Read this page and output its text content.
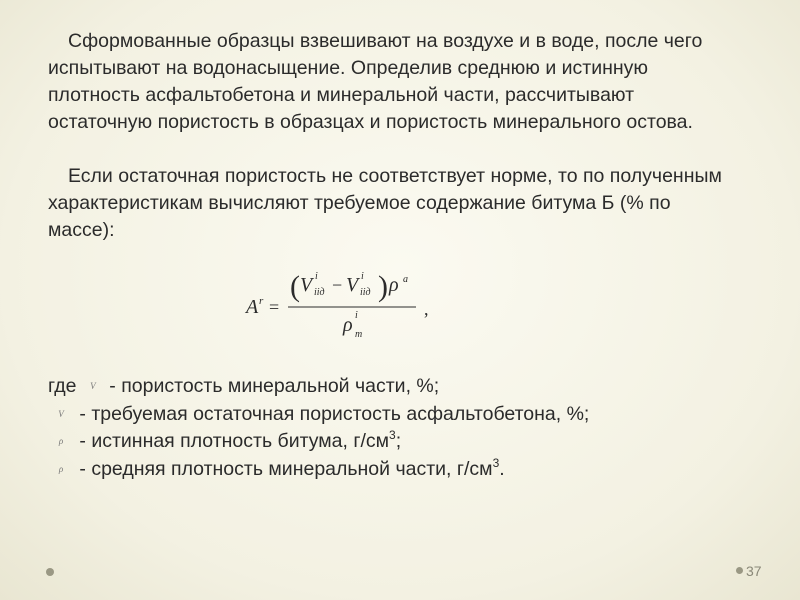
Сформованные образцы взвешивают на воздухе и в воде, после чего испытывают на водонасыщение. Определив среднюю и истинную плотность асфальтобетона и минеральной части, рассчитывают остаточную пористость в образцах и пористость минерального остова.

Если остаточная пористость не соответствует норме, то по полученным характеристикам вычисляют требуемое содержание битума Б (% по массе):

A r =
( V i
iiд − V i
iiд ) ρ a
ρ i
m
,
где V - пористость минеральной части, %;
V - требуемая остаточная пористость асфальтобетона, %;
ρ - истинная плотность битума, $г/см^3$;
ρ - средняя плотность минеральной части, $г/см^3$.
37
